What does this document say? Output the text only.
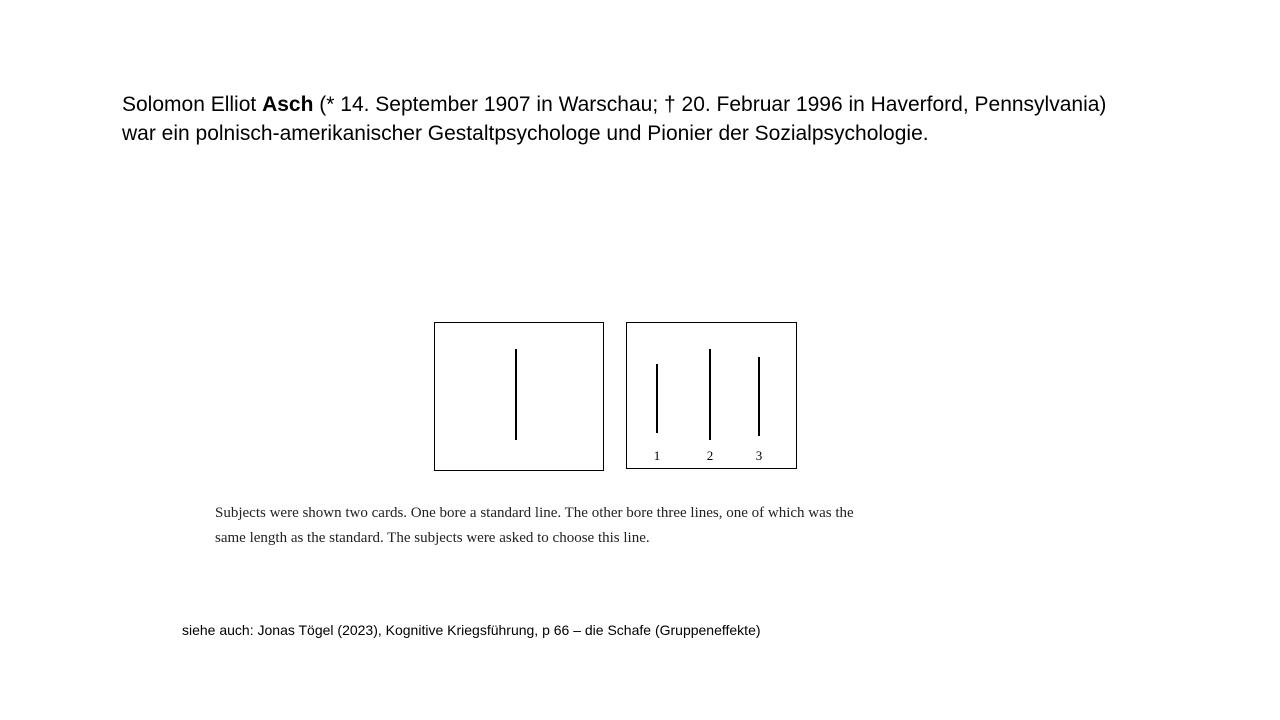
Solomon Elliot Asch (* 14. September 1907 in Warschau; † 20. Februar 1996 in Haverford, Pennsylvania)
war ein polnisch-amerikanischer Gestaltpsychologe und Pionier der Sozialpsychologie.
1	2	3
Subjects were shown two cards. One bore a standard line. The other bore three lines, one of which was the
same length as the standard. The subjects were asked to choose this line.
siehe auch: Jonas Tögel (2023), Kognitive Kriegsführung, p 66 – die Schafe (Gruppeneffekte)
